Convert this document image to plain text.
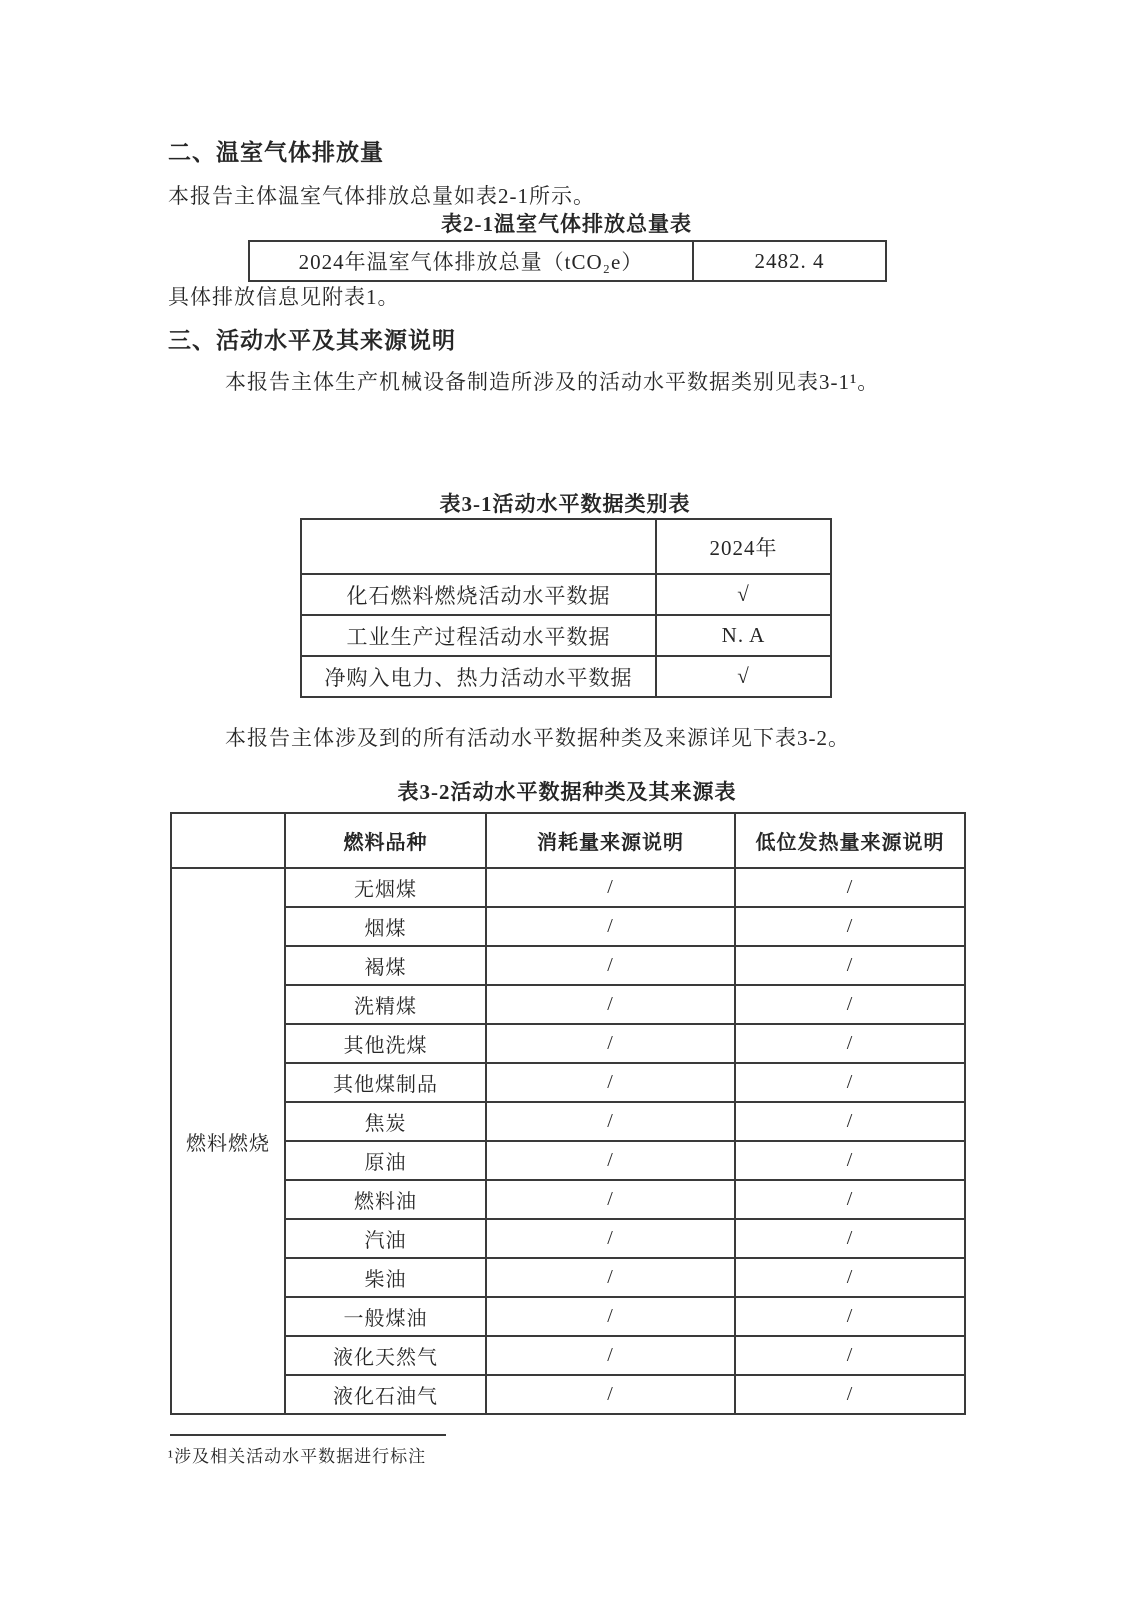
二、温室气体排放量
本报告主体温室气体排放总量如表2-1所示。
表2-1温室气体排放总量表
2024年温室气体排放总量（tCO₂e）	2482. 4
具体排放信息见附表1。
三、活动水平及其来源说明
本报告主体生产机械设备制造所涉及的活动水平数据类别见表3-1¹。
表3-1活动水平数据类别表
	2024年
化石燃料燃烧活动水平数据	√
工业生产过程活动水平数据	N. A
净购入电力、热力活动水平数据	√
本报告主体涉及到的所有活动水平数据种类及来源详见下表3-2。
表3-2活动水平数据种类及其来源表
	燃料品种	消耗量来源说明	低位发热量来源说明
燃料燃烧	无烟煤	/	/
	烟煤	/	/
	褐煤	/	/
	洗精煤	/	/
	其他洗煤	/	/
	其他煤制品	/	/
	焦炭	/	/
	原油	/	/
	燃料油	/	/
	汽油	/	/
	柴油	/	/
	一般煤油	/	/
	液化天然气	/	/
	液化石油气	/	/
¹涉及相关活动水平数据进行标注
